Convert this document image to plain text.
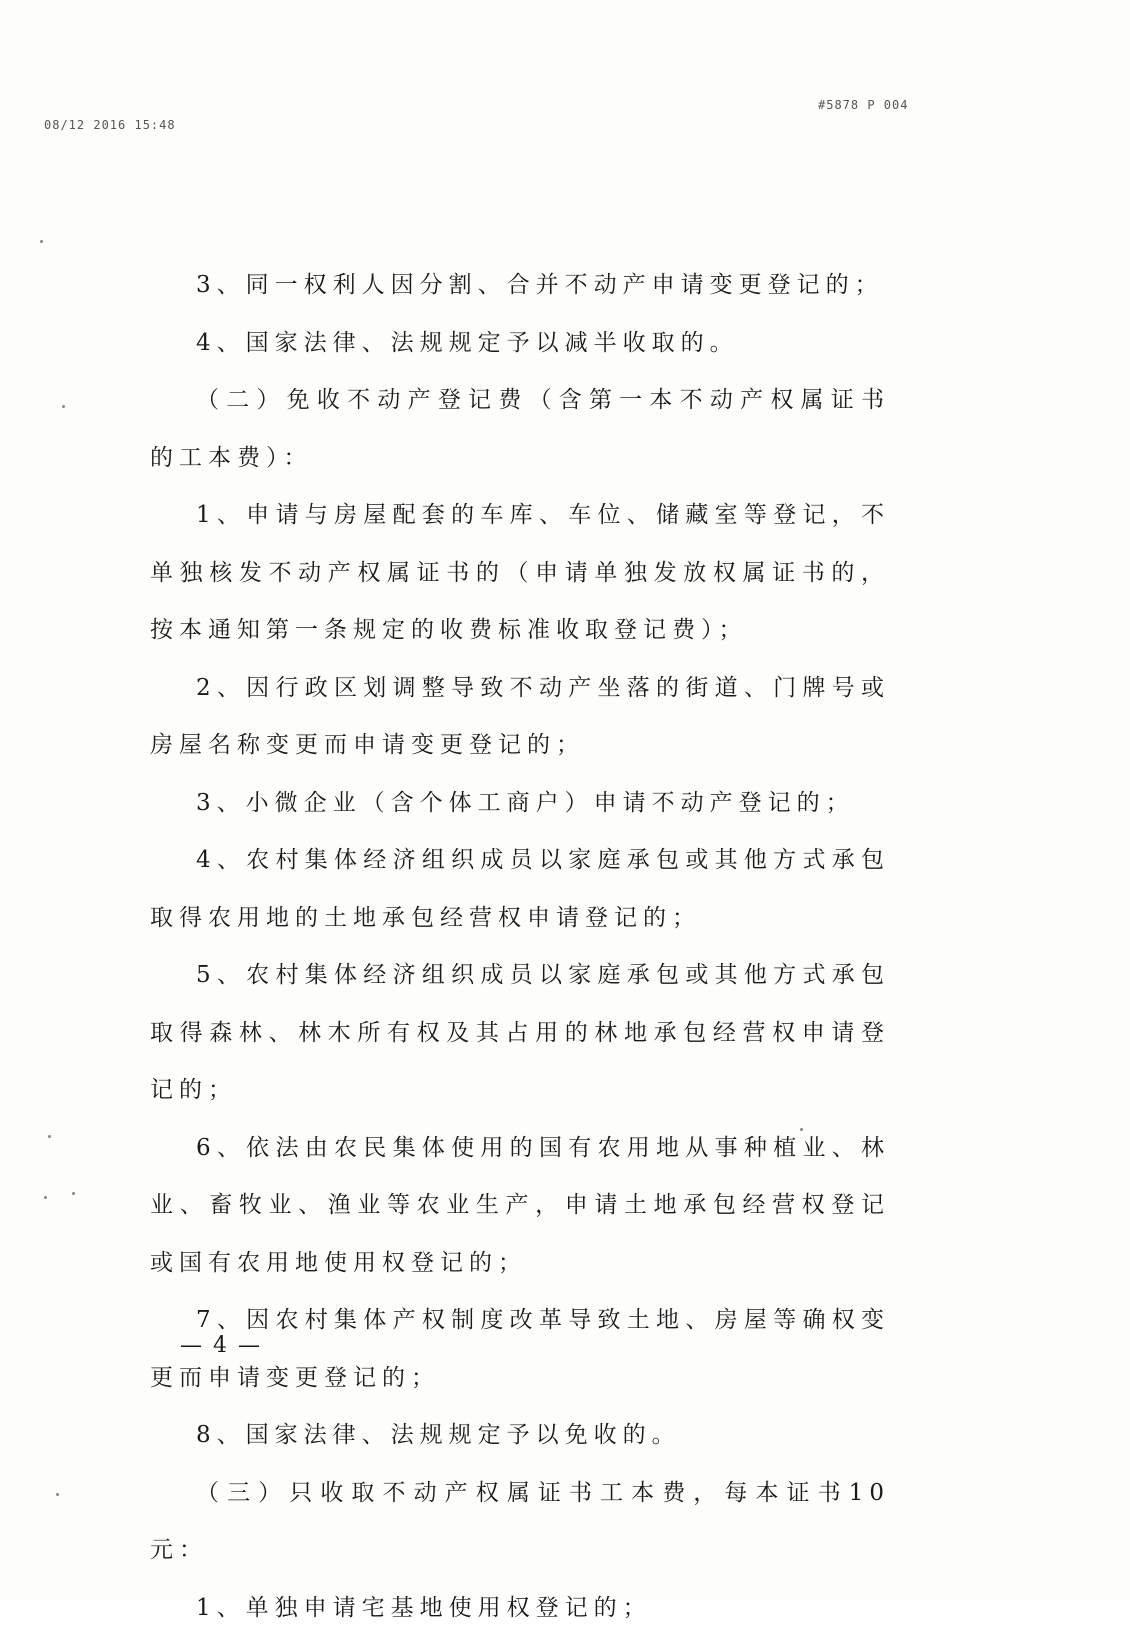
08/12 2016 15:48
#5878 P 004

3、同一权利人因分割、合并不动产申请变更登记的；

4、国家法律、法规规定予以减半收取的。

（二）免收不动产登记费（含第一本不动产权属证书的工本费）：

1、申请与房屋配套的车库、车位、储藏室等登记，不单独核发不动产权属证书的（申请单独发放权属证书的，按本通知第一条规定的收费标准收取登记费）；

2、因行政区划调整导致不动产坐落的街道、门牌号或房屋名称变更而申请变更登记的；

3、小微企业（含个体工商户）申请不动产登记的；

4、农村集体经济组织成员以家庭承包或其他方式承包取得农用地的土地承包经营权申请登记的；

5、农村集体经济组织成员以家庭承包或其他方式承包取得森林、林木所有权及其占用的林地承包经营权申请登记的；

6、依法由农民集体使用的国有农用地从事种植业、林业、畜牧业、渔业等农业生产，申请土地承包经营权登记或国有农用地使用权登记的；

7、因农村集体产权制度改革导致土地、房屋等确权变更而申请变更登记的；

8、国家法律、法规规定予以免收的。

（三）只收取不动产权属证书工本费，每本证书10元：

1、单独申请宅基地使用权登记的；

— 4 —
